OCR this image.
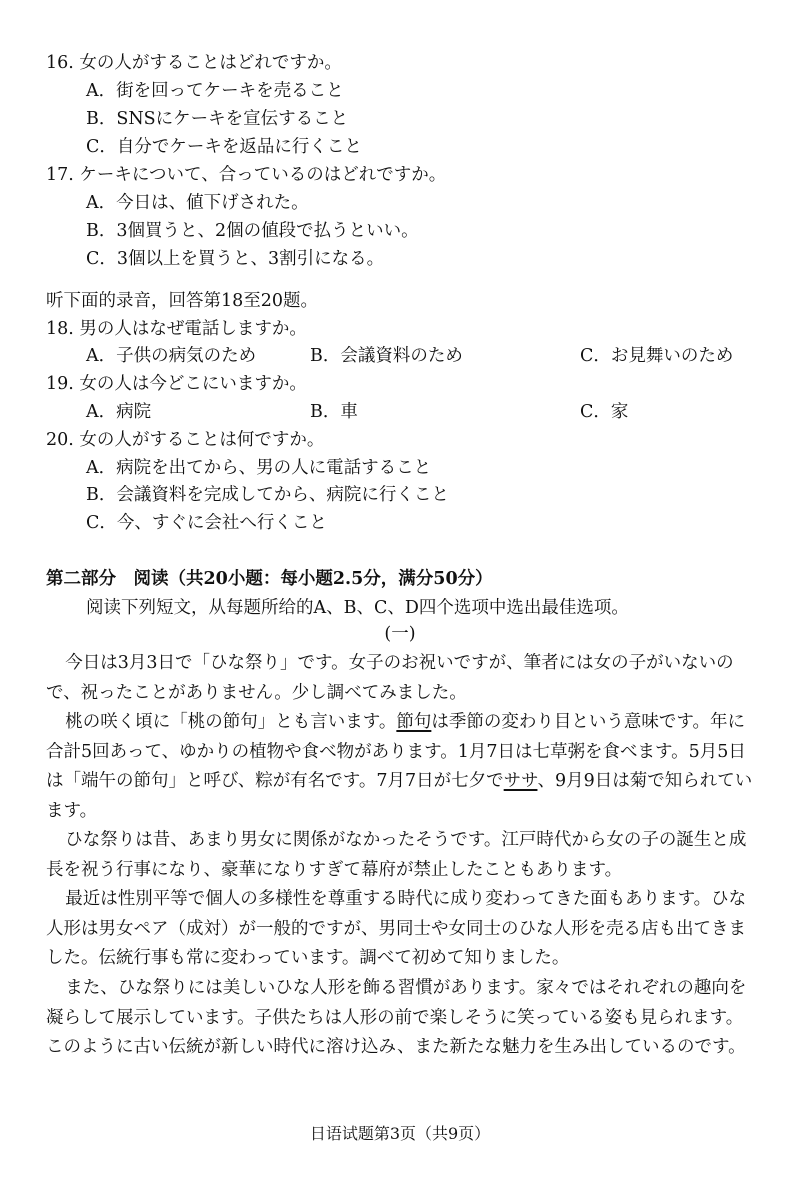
16. 女の人がすることはどれですか。
A．街を回ってケーキを売ること
B．SNSにケーキを宣伝すること
C．自分でケーキを返品に行くこと
17. ケーキについて、合っているのはどれですか。
A．今日は、値下げされた。
B．3個買うと、2個の値段で払うといい。
C．3個以上を買うと、3割引になる。
听下面的录音，回答第18至20题。
18. 男の人はなぜ電話しますか。
A．子供の病気のため	B．会議資料のため	C．お見舞いのため
19. 女の人は今どこにいますか。
A．病院	B．車	C．家
20. 女の人がすることは何ですか。
A．病院を出てから、男の人に電話すること
B．会議資料を完成してから、病院に行くこと
C．今、すぐに会社へ行くこと
第二部分　阅读（共20小题：每小题2.5分，满分50分）
阅读下列短文，从每题所给的A、B、C、D四个选项中选出最佳选项。
(一)
今日は3月3日で「ひな祭り」です。女子のお祝いですが、筆者には女の子がいないので、祝ったことがありません。少し調べてみました。
桃の咲く頃に「桃の節句」とも言います。節句は季節の変わり目という意味です。年に合計5回あって、ゆかりの植物や食べ物があります。1月7日は七草粥を食べます。5月5日は「端午の節句」と呼び、粽が有名です。7月7日が七夕でササ、9月9日は菊で知られています。
ひな祭りは昔、あまり男女に関係がなかったそうです。江戸時代から女の子の誕生と成長を祝う行事になり、豪華になりすぎて幕府が禁止したこともあります。
最近は性別平等で個人の多様性を尊重する時代に成り変わってきた面もあります。ひな人形は男女ペア（成対）が一般的ですが、男同士や女同士のひな人形を売る店も出てきました。伝統行事も常に変わっています。調べて初めて知りました。
また、ひな祭りには美しいひな人形を飾る習慣があります。家々ではそれぞれの趣向を凝らして展示しています。子供たちは人形の前で楽しそうに笑っている姿も見られます。このように古い伝統が新しい時代に溶け込み、また新たな魅力を生み出しているのです。
日语试题第3页（共9页）
